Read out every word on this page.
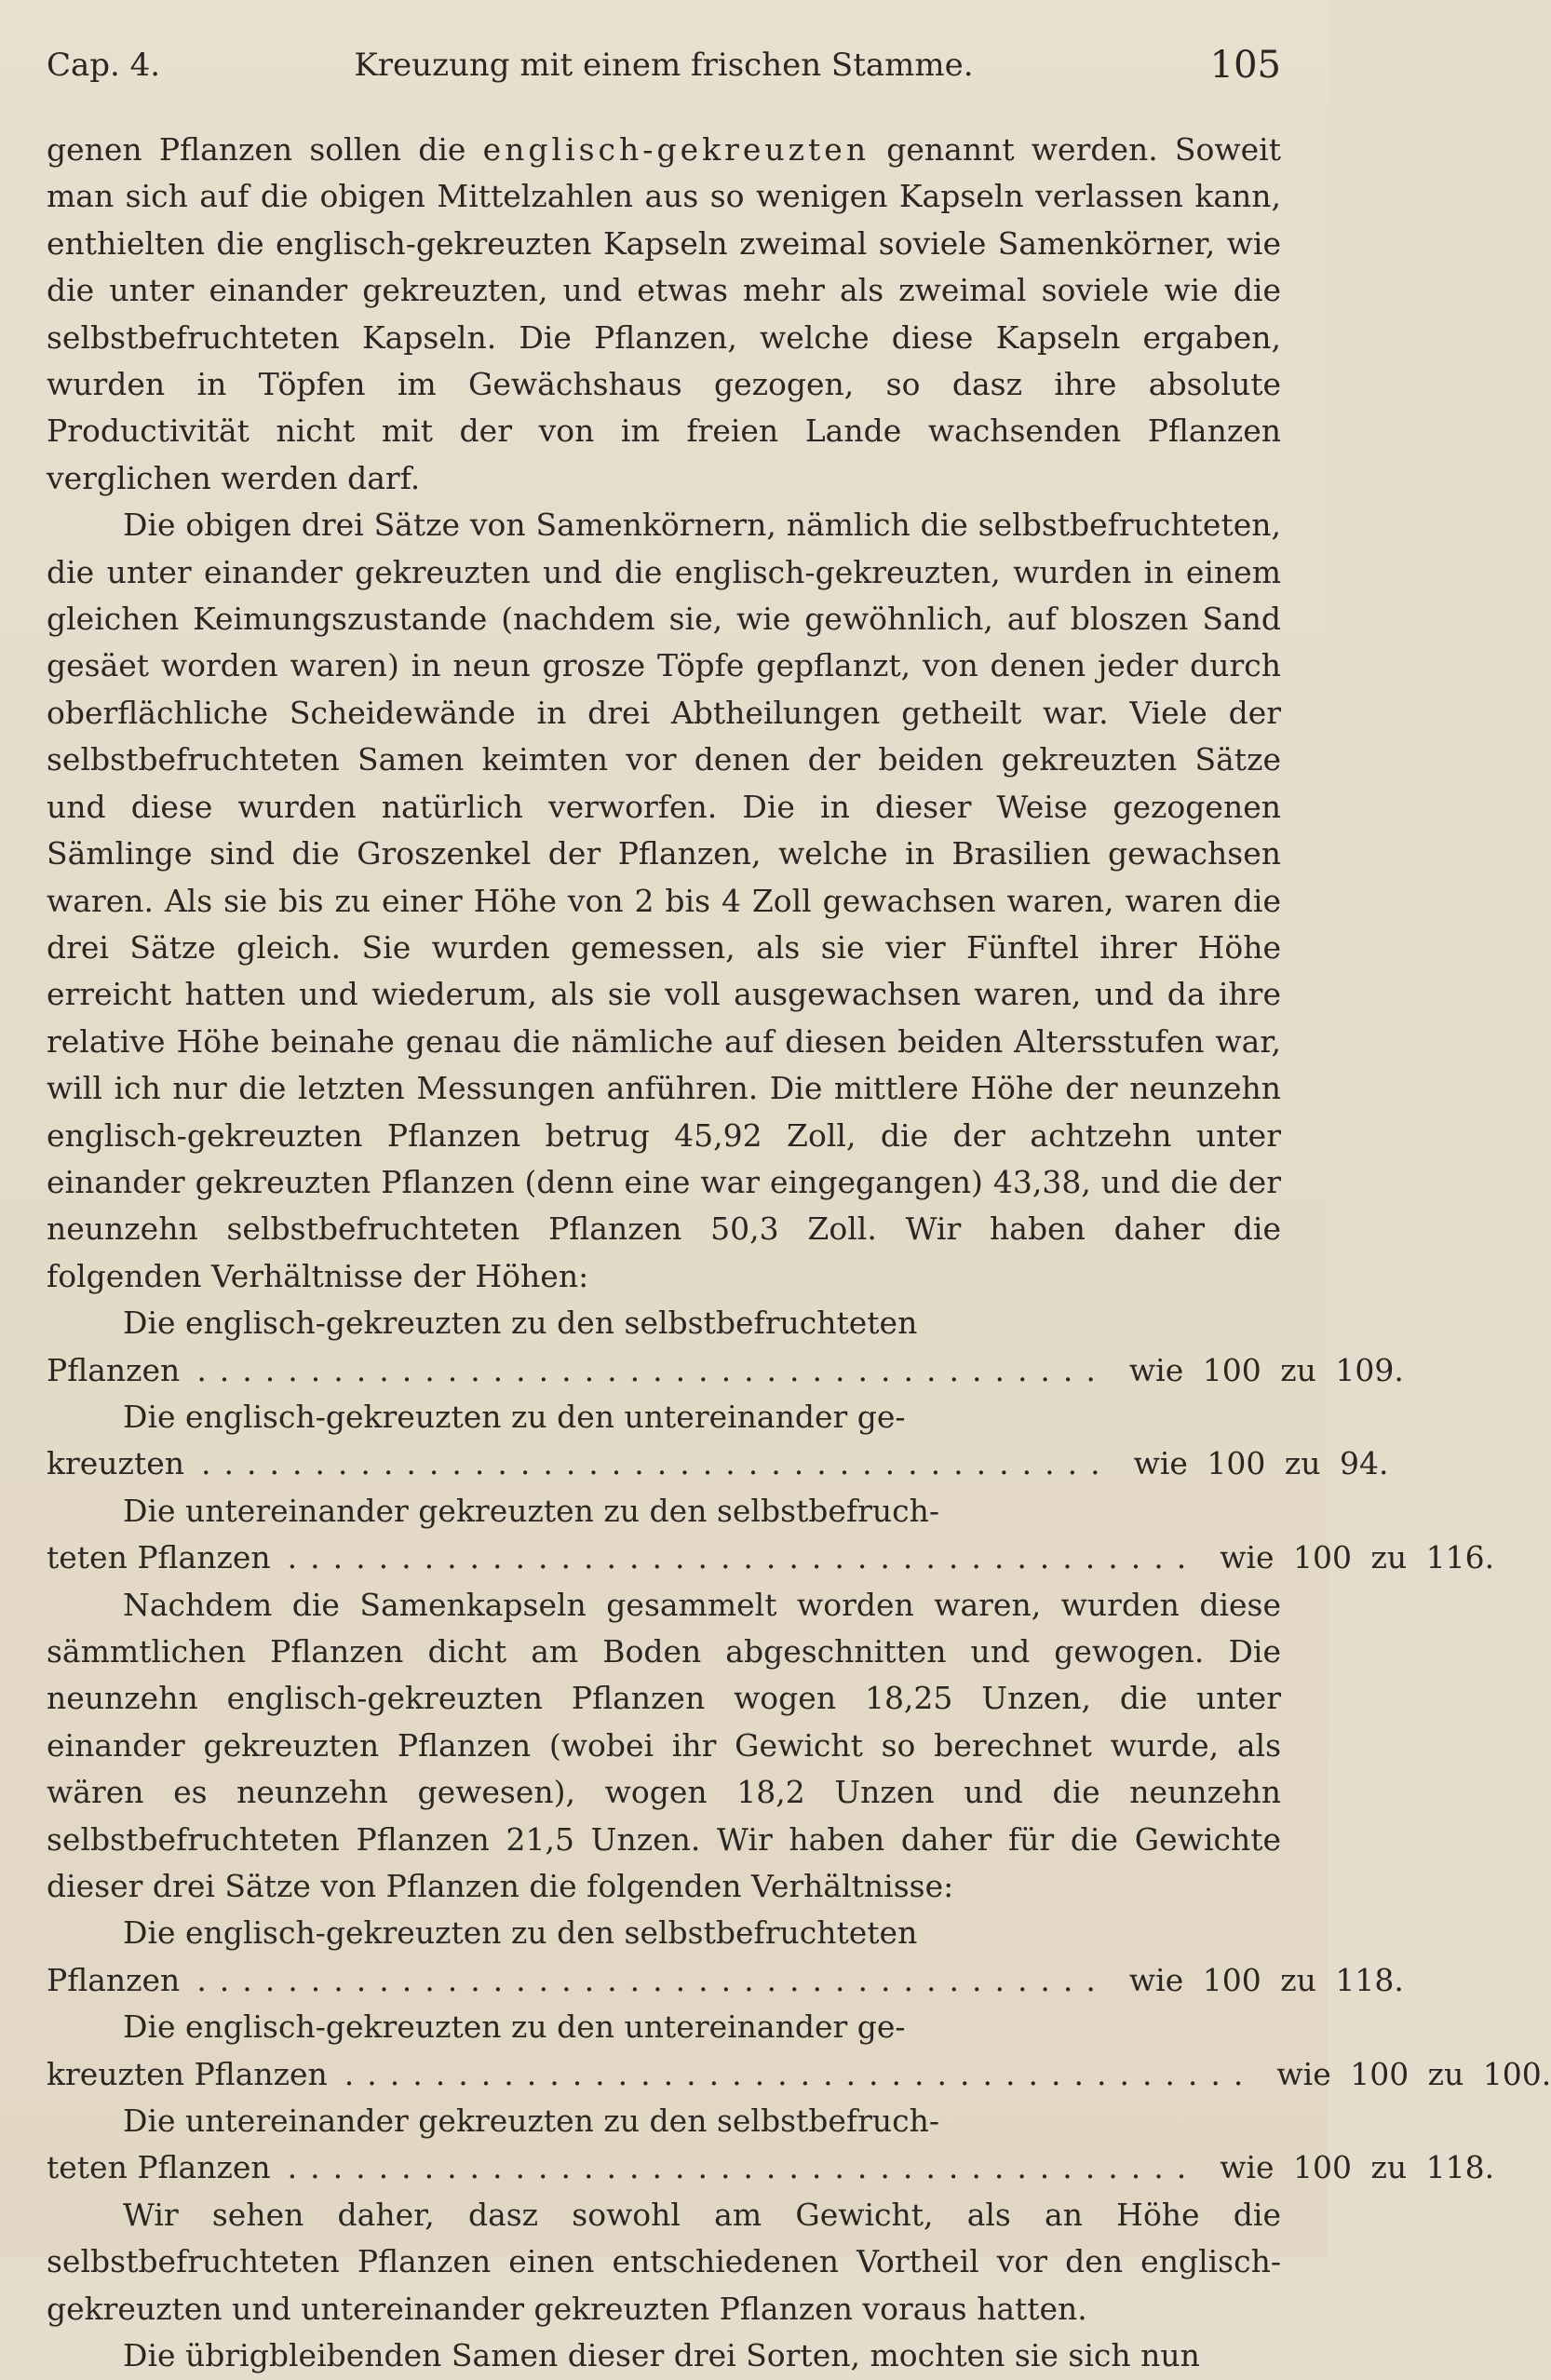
Cap. 4.	Kreuzung mit einem frischen Stamme.	105

genen Pflanzen sollen die englisch-gekreuzten genannt werden. Soweit man sich auf die obigen Mittelzahlen aus so wenigen Kapseln verlassen kann, enthielten die englisch-gekreuzten Kapseln zweimal soviele Samenkörner, wie die unter einander gekreuzten, und etwas mehr als zweimal soviele wie die selbstbefruchteten Kapseln. Die Pflanzen, welche diese Kapseln ergaben, wurden in Töpfen im Gewächshaus gezogen, so dasz ihre absolute Productivität nicht mit der von im freien Lande wachsenden Pflanzen verglichen werden darf.

Die obigen drei Sätze von Samenkörnern, nämlich die selbstbefruchteten, die unter einander gekreuzten und die englisch-gekreuzten, wurden in einem gleichen Keimungszustande (nachdem sie, wie gewöhnlich, auf bloszen Sand gesäet worden waren) in neun grosze Töpfe gepflanzt, von denen jeder durch oberflächliche Scheidewände in drei Abtheilungen getheilt war. Viele der selbstbefruchteten Samen keimten vor denen der beiden gekreuzten Sätze und diese wurden natürlich verworfen. Die in dieser Weise gezogenen Sämlinge sind die Groszenkel der Pflanzen, welche in Brasilien gewachsen waren. Als sie bis zu einer Höhe von 2 bis 4 Zoll gewachsen waren, waren die drei Sätze gleich. Sie wurden gemessen, als sie vier Fünftel ihrer Höhe erreicht hatten und wiederum, als sie voll ausgewachsen waren, und da ihre relative Höhe beinahe genau die nämliche auf diesen beiden Altersstufen war, will ich nur die letzten Messungen anführen. Die mittlere Höhe der neunzehn englisch-gekreuzten Pflanzen betrug 45,92 Zoll, die der achtzehn unter einander gekreuzten Pflanzen (denn eine war eingegangen) 43,38, und die der neunzehn selbstbefruchteten Pflanzen 50,3 Zoll. Wir haben daher die folgenden Verhältnisse der Höhen:

Die englisch-gekreuzten zu den selbstbefruchteten
Pflanzen ........................................ wie 100 zu 109.
Die englisch-gekreuzten zu den untereinander ge-
kreuzten ........................................ wie 100 zu 94.
Die untereinander gekreuzten zu den selbstbefruch-
teten Pflanzen ........................................ wie 100 zu 116.

Nachdem die Samenkapseln gesammelt worden waren, wurden diese sämmtlichen Pflanzen dicht am Boden abgeschnitten und gewogen. Die neunzehn englisch-gekreuzten Pflanzen wogen 18,25 Unzen, die unter einander gekreuzten Pflanzen (wobei ihr Gewicht so berechnet wurde, als wären es neunzehn gewesen), wogen 18,2 Unzen und die neunzehn selbstbefruchteten Pflanzen 21,5 Unzen. Wir haben daher für die Gewichte dieser drei Sätze von Pflanzen die folgenden Verhältnisse:

Die englisch-gekreuzten zu den selbstbefruchteten
Pflanzen ........................................ wie 100 zu 118.
Die englisch-gekreuzten zu den untereinander ge-
kreuzten Pflanzen ........................................ wie 100 zu 100.
Die untereinander gekreuzten zu den selbstbefruch-
teten Pflanzen ........................................ wie 100 zu 118.

Wir sehen daher, dasz sowohl am Gewicht, als an Höhe die selbstbefruchteten Pflanzen einen entschiedenen Vortheil vor den englisch-gekreuzten und untereinander gekreuzten Pflanzen voraus hatten.

Die übrigbleibenden Samen dieser drei Sorten, mochten sie sich nun
